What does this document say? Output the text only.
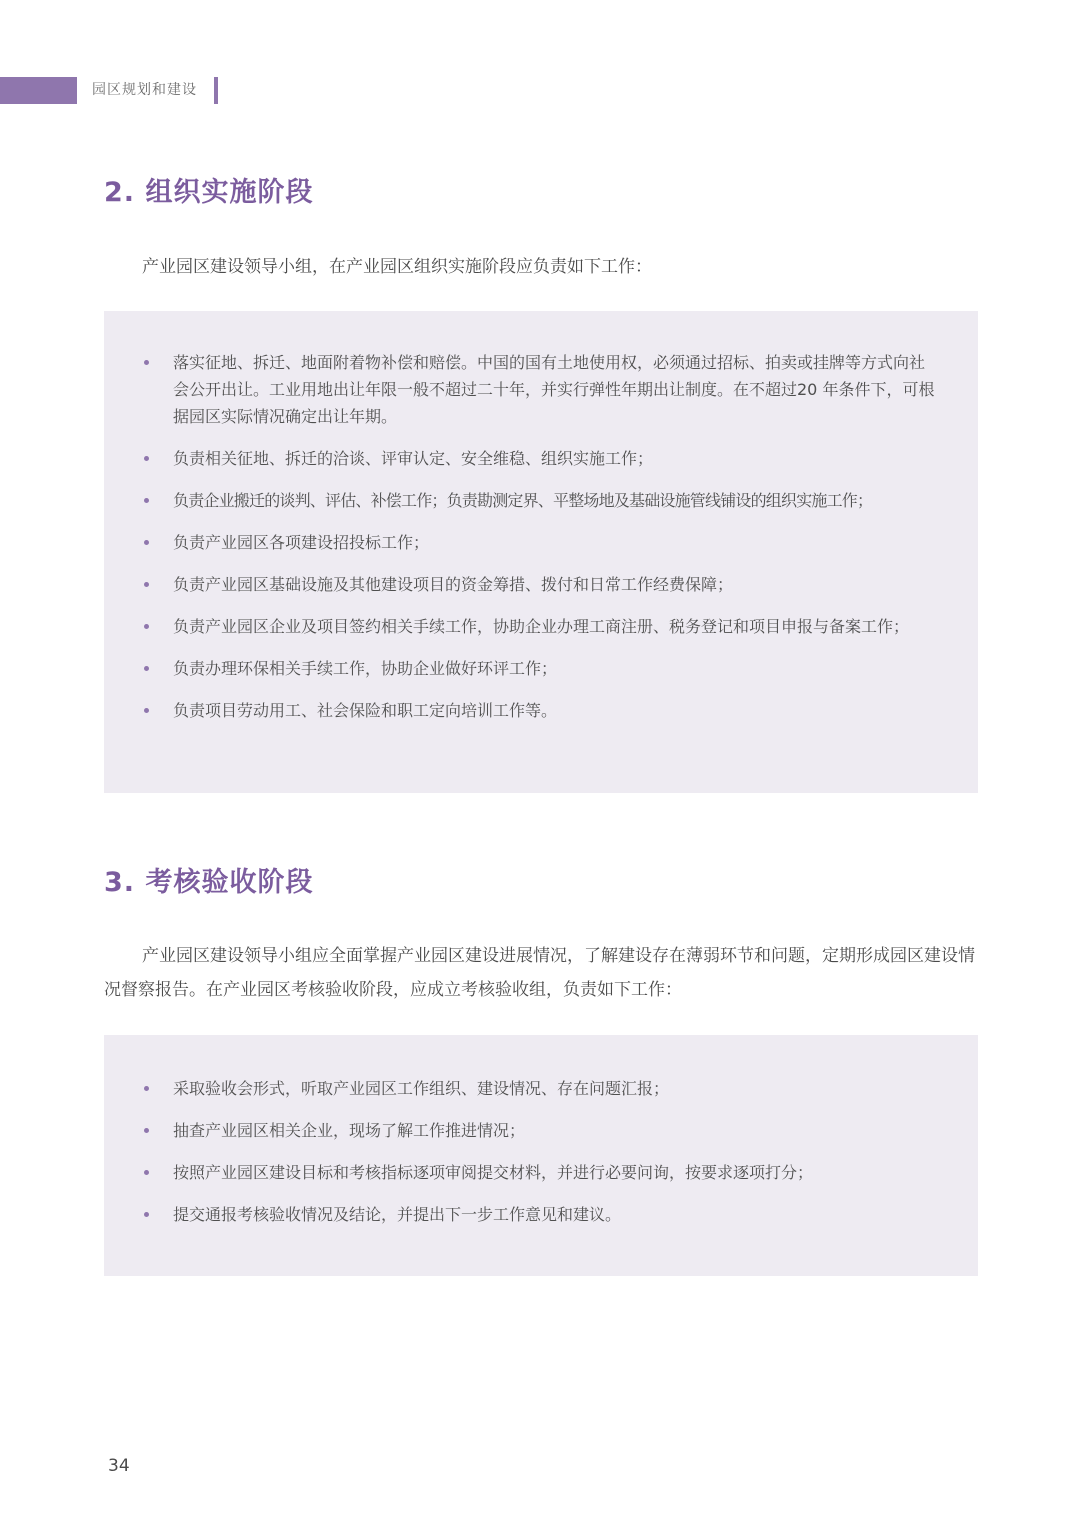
园区规划和建设
2. 组织实施阶段
产业园区建设领导小组，在产业园区组织实施阶段应负责如下工作：
落实征地、拆迁、地面附着物补偿和赔偿。中国的国有土地使用权，必须通过招标、拍卖或挂牌等方式向社会公开出让。工业用地出让年限一般不超过二十年，并实行弹性年期出让制度。在不超过20 年条件下，可根据园区实际情况确定出让年期。
负责相关征地、拆迁的洽谈、评审认定、安全维稳、组织实施工作；
负责企业搬迁的谈判、评估、补偿工作；负责勘测定界、平整场地及基础设施管线铺设的组织实施工作；
负责产业园区各项建设招投标工作；
负责产业园区基础设施及其他建设项目的资金筹措、拨付和日常工作经费保障；
负责产业园区企业及项目签约相关手续工作，协助企业办理工商注册、税务登记和项目申报与备案工作；
负责办理环保相关手续工作，协助企业做好环评工作；
负责项目劳动用工、社会保险和职工定向培训工作等。
3. 考核验收阶段
产业园区建设领导小组应全面掌握产业园区建设进展情况，了解建设存在薄弱环节和问题，定期形成园区建设情况督察报告。在产业园区考核验收阶段，应成立考核验收组，负责如下工作：
采取验收会形式，听取产业园区工作组织、建设情况、存在问题汇报；
抽查产业园区相关企业，现场了解工作推进情况；
按照产业园区建设目标和考核指标逐项审阅提交材料，并进行必要问询，按要求逐项打分；
提交通报考核验收情况及结论，并提出下一步工作意见和建议。
34
